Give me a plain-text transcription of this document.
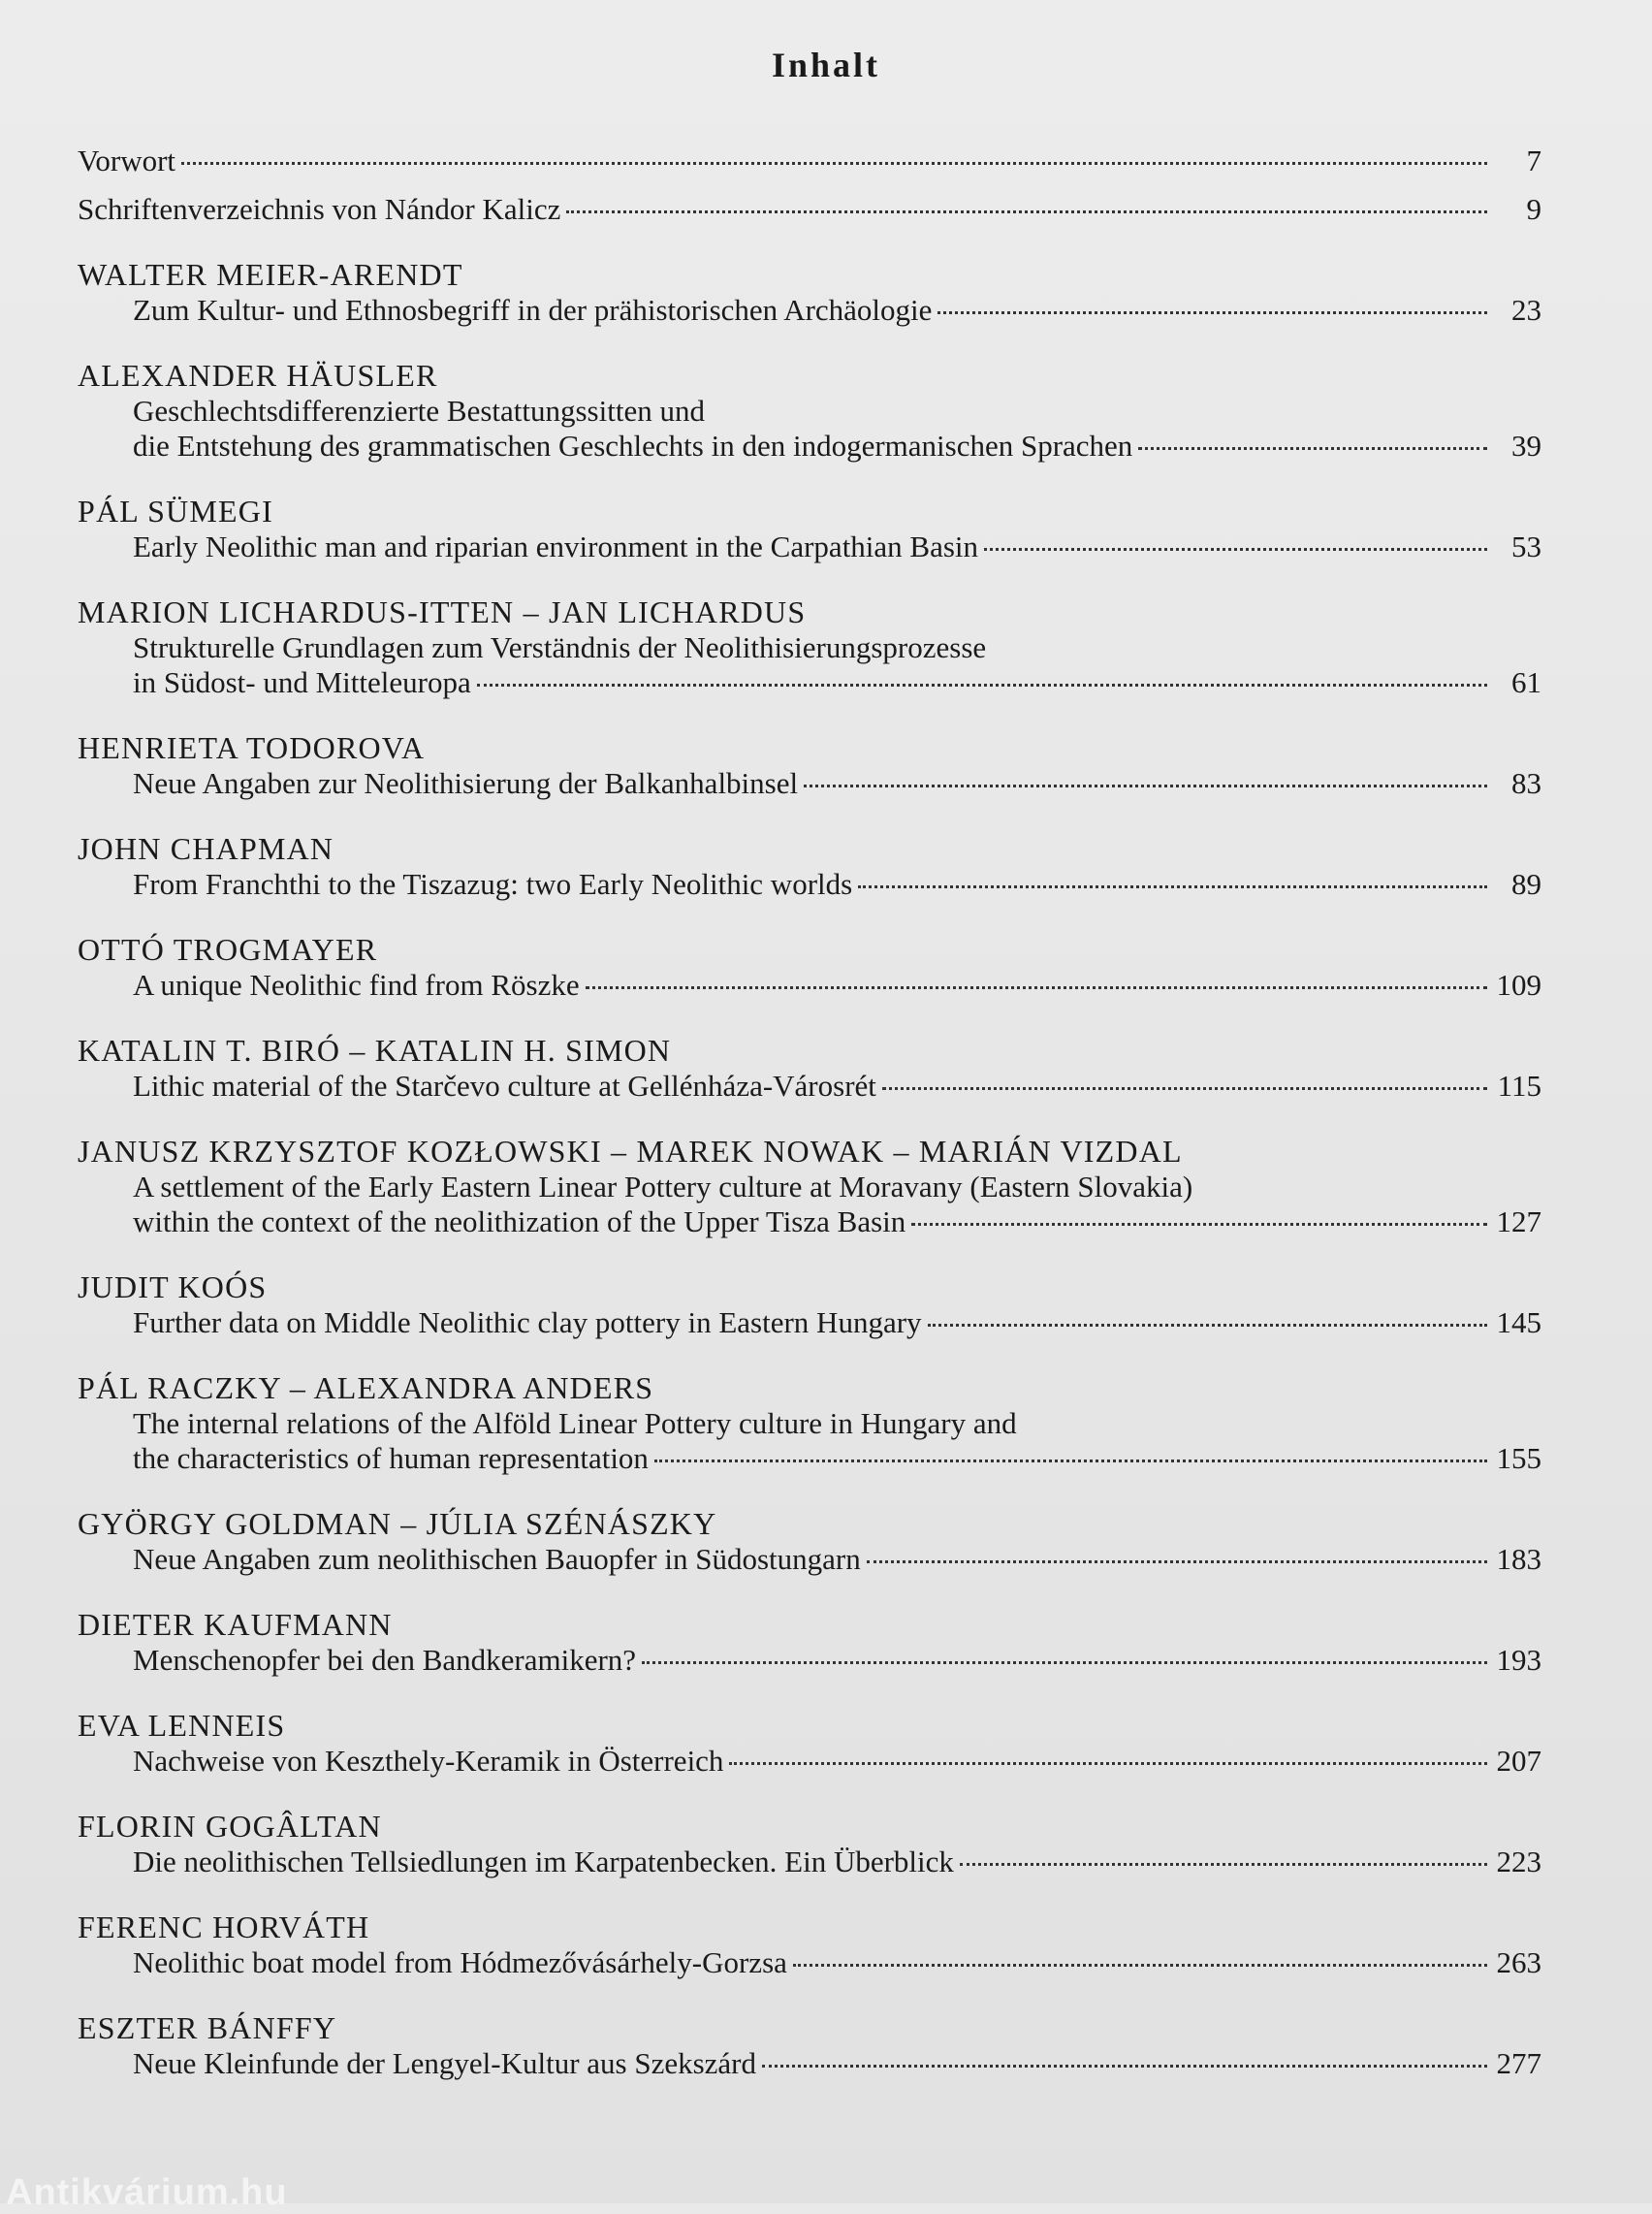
Inhalt
Vorwort	7
Schriftenverzeichnis von Nándor Kalicz	9
WALTER MEIER-ARENDT
Zum Kultur- und Ethnosbegriff in der prähistorischen Archäologie	23
ALEXANDER HÄUSLER
Geschlechtsdifferenzierte Bestattungssitten und
die Entstehung des grammatischen Geschlechts in den indogermanischen Sprachen	39
PÁL SÜMEGI
Early Neolithic man and riparian environment in the Carpathian Basin	53
MARION LICHARDUS-ITTEN – JAN LICHARDUS
Strukturelle Grundlagen zum Verständnis der Neolithisierungsprozesse
in Südost- und Mitteleuropa	61
HENRIETA TODOROVA
Neue Angaben zur Neolithisierung der Balkanhalbinsel	83
JOHN CHAPMAN
From Franchthi to the Tiszazug: two Early Neolithic worlds	89
OTTÓ TROGMAYER
A unique Neolithic find from Röszke	109
KATALIN T. BIRÓ – KATALIN H. SIMON
Lithic material of the Starčevo culture at Gellénháza-Városrét	115
JANUSZ KRZYSZTOF KOZŁOWSKI – MAREK NOWAK – MARIÁN VIZDAL
A settlement of the Early Eastern Linear Pottery culture at Moravany (Eastern Slovakia)
within the context of the neolithization of the Upper Tisza Basin	127
JUDIT KOÓS
Further data on Middle Neolithic clay pottery in Eastern Hungary	145
PÁL RACZKY – ALEXANDRA ANDERS
The internal relations of the Alföld Linear Pottery culture in Hungary and
the characteristics of human representation	155
GYÖRGY GOLDMAN – JÚLIA SZÉNÁSZKY
Neue Angaben zum neolithischen Bauopfer in Südostungarn	183
DIETER KAUFMANN
Menschenopfer bei den Bandkeramikern?	193
EVA LENNEIS
Nachweise von Keszthely-Keramik in Österreich	207
FLORIN GOGÂLTAN
Die neolithischen Tellsiedlungen im Karpatenbecken. Ein Überblick	223
FERENC HORVÁTH
Neolithic boat model from Hódmezővásárhely-Gorzsa	263
ESZTER BÁNFFY
Neue Kleinfunde der Lengyel-Kultur aus Szekszárd	277
Antikvárium.hu
